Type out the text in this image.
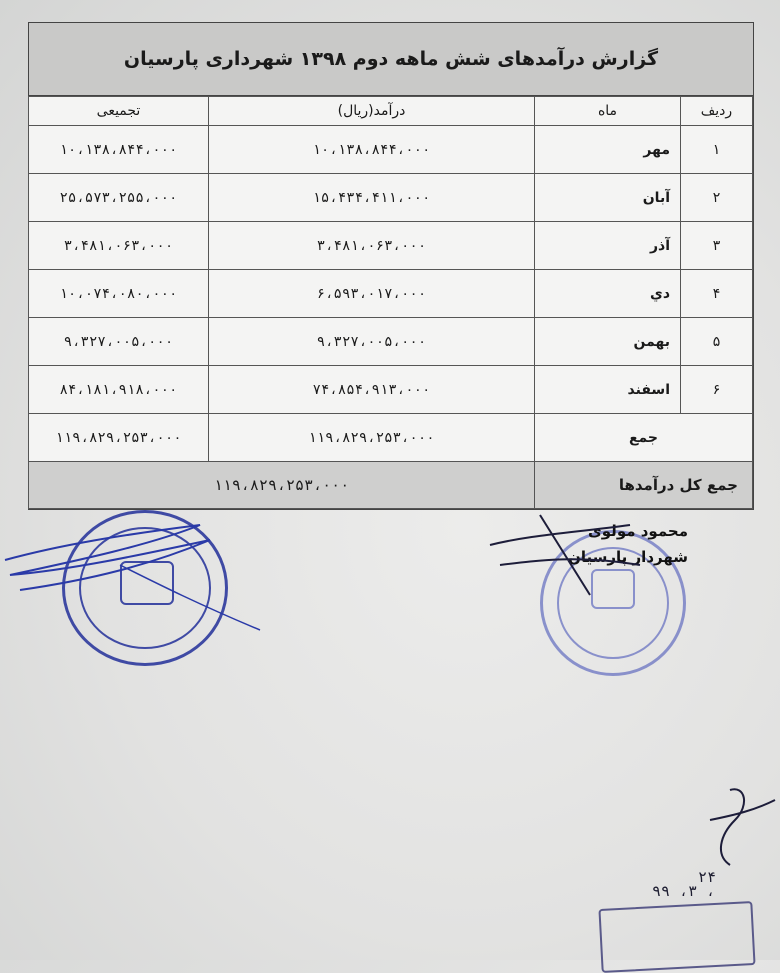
گزارش درآمدهای شش ماهه دوم ۱۳۹۸ شهرداری پارسیان
ردیف	ماه	درآمد(ریال)	تجمیعی
۱	مهر	۱۰،۱۳۸،۸۴۴،۰۰۰	۱۰،۱۳۸،۸۴۴،۰۰۰
۲	آبان	۱۵،۴۳۴،۴۱۱،۰۰۰	۲۵،۵۷۳،۲۵۵،۰۰۰
۳	آذر	۳،۴۸۱،۰۶۳،۰۰۰	۳،۴۸۱،۰۶۳،۰۰۰
۴	دي	۶،۵۹۳،۰۱۷،۰۰۰	۱۰،۰۷۴،۰۸۰،۰۰۰
۵	بهمن	۹،۳۲۷،۰۰۵،۰۰۰	۹،۳۲۷،۰۰۵،۰۰۰
۶	اسفند	۷۴،۸۵۴،۹۱۳،۰۰۰	۸۴،۱۸۱،۹۱۸،۰۰۰
جمع		۱۱۹،۸۲۹،۲۵۳،۰۰۰	۱۱۹،۸۲۹،۲۵۳،۰۰۰
جمع کل درآمدها		۱۱۹،۸۲۹،۲۵۳،۰۰۰	
محمود مولوی
شهردار پارسیان
۲۴
۹۹ ،۳ ،
